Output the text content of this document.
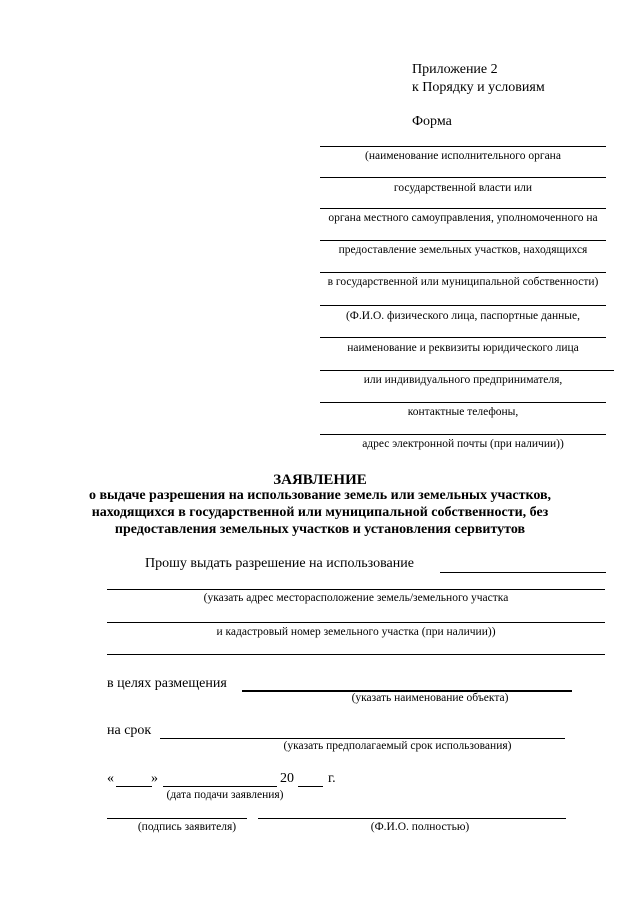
Приложение 2
к Порядку и условиям
Форма
(наименование исполнительного органа
государственной власти или
органа местного самоуправления, уполномоченного на
предоставление земельных участков, находящихся
в государственной или муниципальной собственности)
(Ф.И.О. физического лица, паспортные данные,
наименование и реквизиты юридического лица
или индивидуального предпринимателя,
контактные телефоны,
адрес электронной почты (при наличии))
ЗАЯВЛЕНИЕ
о выдаче разрешения на использование земель или земельных участков,
находящихся в государственной или муниципальной собственности, без
предоставления земельных участков и установления сервитутов
Прошу выдать разрешение на использование
(указать адрес месторасположение земель/земельного участка
и кадастровый номер земельного участка (при наличии))
в целях размещения
(указать наименование объекта)
на срок
(указать предполагаемый срок использования)
«	»	20 г.
(дата подачи заявления)
(подпись заявителя)	(Ф.И.О. полностью)
